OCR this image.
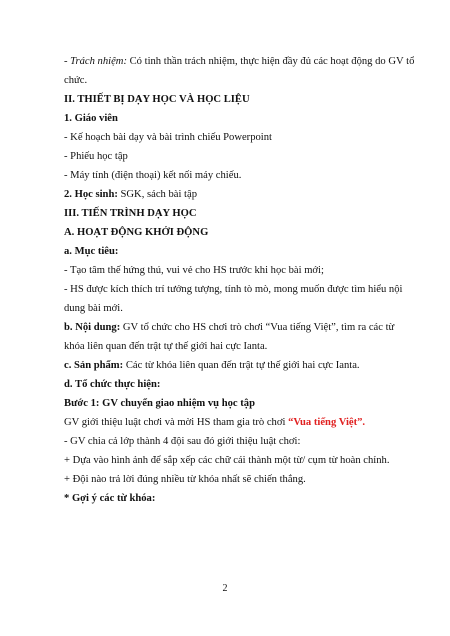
- Trách nhiệm: Có tinh thần trách nhiệm, thực hiện đầy đủ các hoạt động do GV tổ chức.

II. THIẾT BỊ DẠY HỌC VÀ HỌC LIỆU

1. Giáo viên

- Kế hoạch bài dạy và bài trình chiếu Powerpoint

- Phiếu học tập

- Máy tính (điện thoại) kết nối máy chiếu.

2. Học sinh: SGK, sách bài tập

III. TIẾN TRÌNH DẠY HỌC

A. HOẠT ĐỘNG KHỞI ĐỘNG

a. Mục tiêu:

- Tạo tâm thế hứng thú, vui vẻ cho HS trước khi học bài mới;

- HS được kích thích trí tưởng tượng, tính tò mò, mong muốn được tìm hiểu nội dung bài mới.

b. Nội dung: GV tổ chức cho HS chơi trò chơi “Vua tiếng Việt”, tìm ra các từ khóa liên quan đến trật tự thế giới hai cực Ianta.

c. Sản phẩm: Các từ khóa liên quan đến trật tự thế giới hai cực Ianta.

d. Tổ chức thực hiện:

Bước 1: GV chuyển giao nhiệm vụ học tập

GV giới thiệu luật chơi và mời HS tham gia trò chơi “Vua tiếng Việt”.

- GV chia cả lớp thành 4 đội sau đó giới thiệu luật chơi:

+ Dựa vào hình ảnh để sắp xếp các chữ cái thành một từ/ cụm từ hoàn chỉnh.

+ Đội nào trả lời đúng nhiều từ khóa nhất sẽ chiến thắng.

* Gợi ý các từ khóa:

2
